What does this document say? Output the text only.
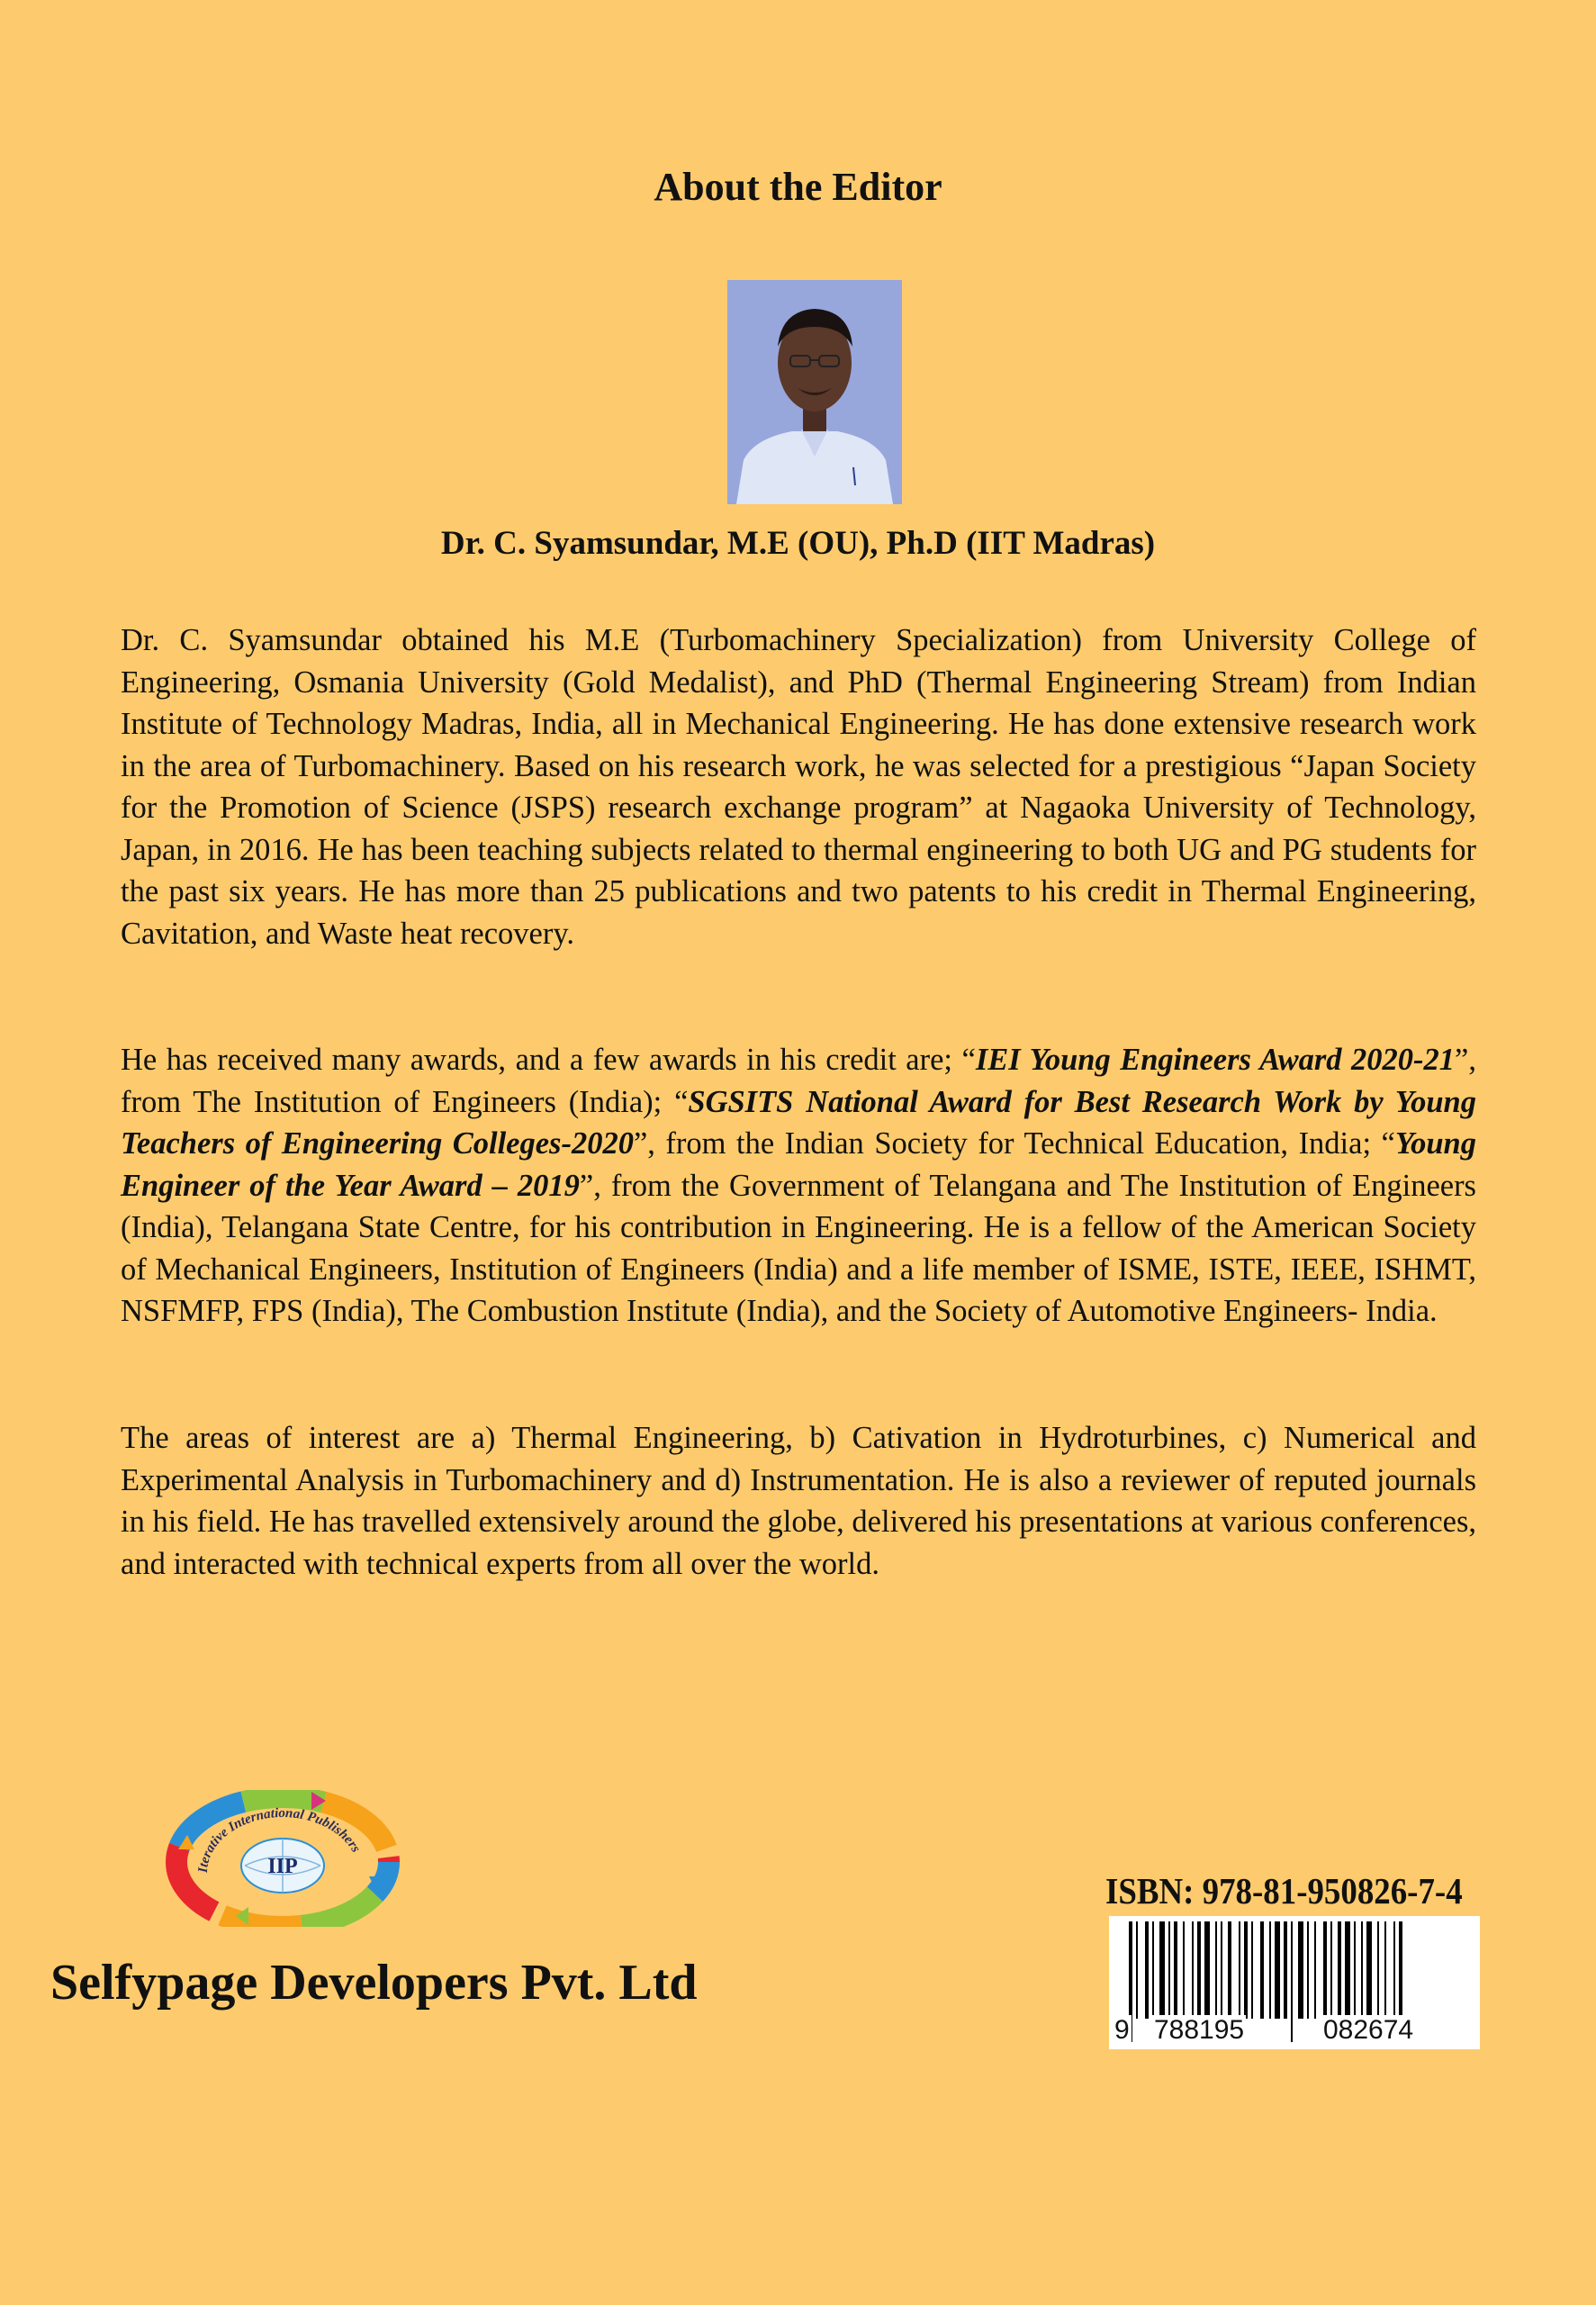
About the Editor
Dr. C. Syamsundar, M.E (OU), Ph.D (IIT Madras)

Dr. C. Syamsundar obtained his M.E (Turbomachinery Specialization) from University College of Engineering, Osmania University (Gold Medalist), and PhD (Thermal Engineering Stream) from Indian Institute of Technology Madras, India, all in Mechanical Engineering. He has done extensive research work in the area of Turbomachinery. Based on his research work, he was selected for a prestigious “Japan Society for the Promotion of Science (JSPS) research exchange program” at Nagaoka University of Technology, Japan, in 2016. He has been teaching subjects related to thermal engineering to both UG and PG students for the past six years. He has more than 25 publications and two patents to his credit in Thermal Engineering, Cavitation, and Waste heat recovery.

He has received many awards, and a few awards in his credit are; “IEI Young Engineers Award 2020-21”, from The Institution of Engineers (India); “SGSITS National Award for Best Research Work by Young Teachers of Engineering Colleges-2020”, from the Indian Society for Technical Education, India; “Young Engineer of the Year Award – 2019”, from the Government of Telangana and The Institution of Engineers (India), Telangana State Centre, for his contribution in Engineering. He is a fellow of the American Society of Mechanical Engineers, Institution of Engineers (India) and a life member of ISME, ISTE, IEEE, ISHMT, NSFMFP, FPS (India), The Combustion Institute (India), and the Society of Automotive Engineers- India.

The areas of interest are a) Thermal Engineering, b) Cativation in Hydroturbines, c) Numerical and Experimental Analysis in Turbomachinery and d) Instrumentation. He is also a reviewer of reputed journals in his field. He has travelled extensively around the globe, delivered his presentations at various conferences, and interacted with technical experts from all over the world.

Iterative International Publishers
IIP
Selfypage Developers Pvt. Ltd
ISBN: 978-81-950826-7-4
9 788195	082674
